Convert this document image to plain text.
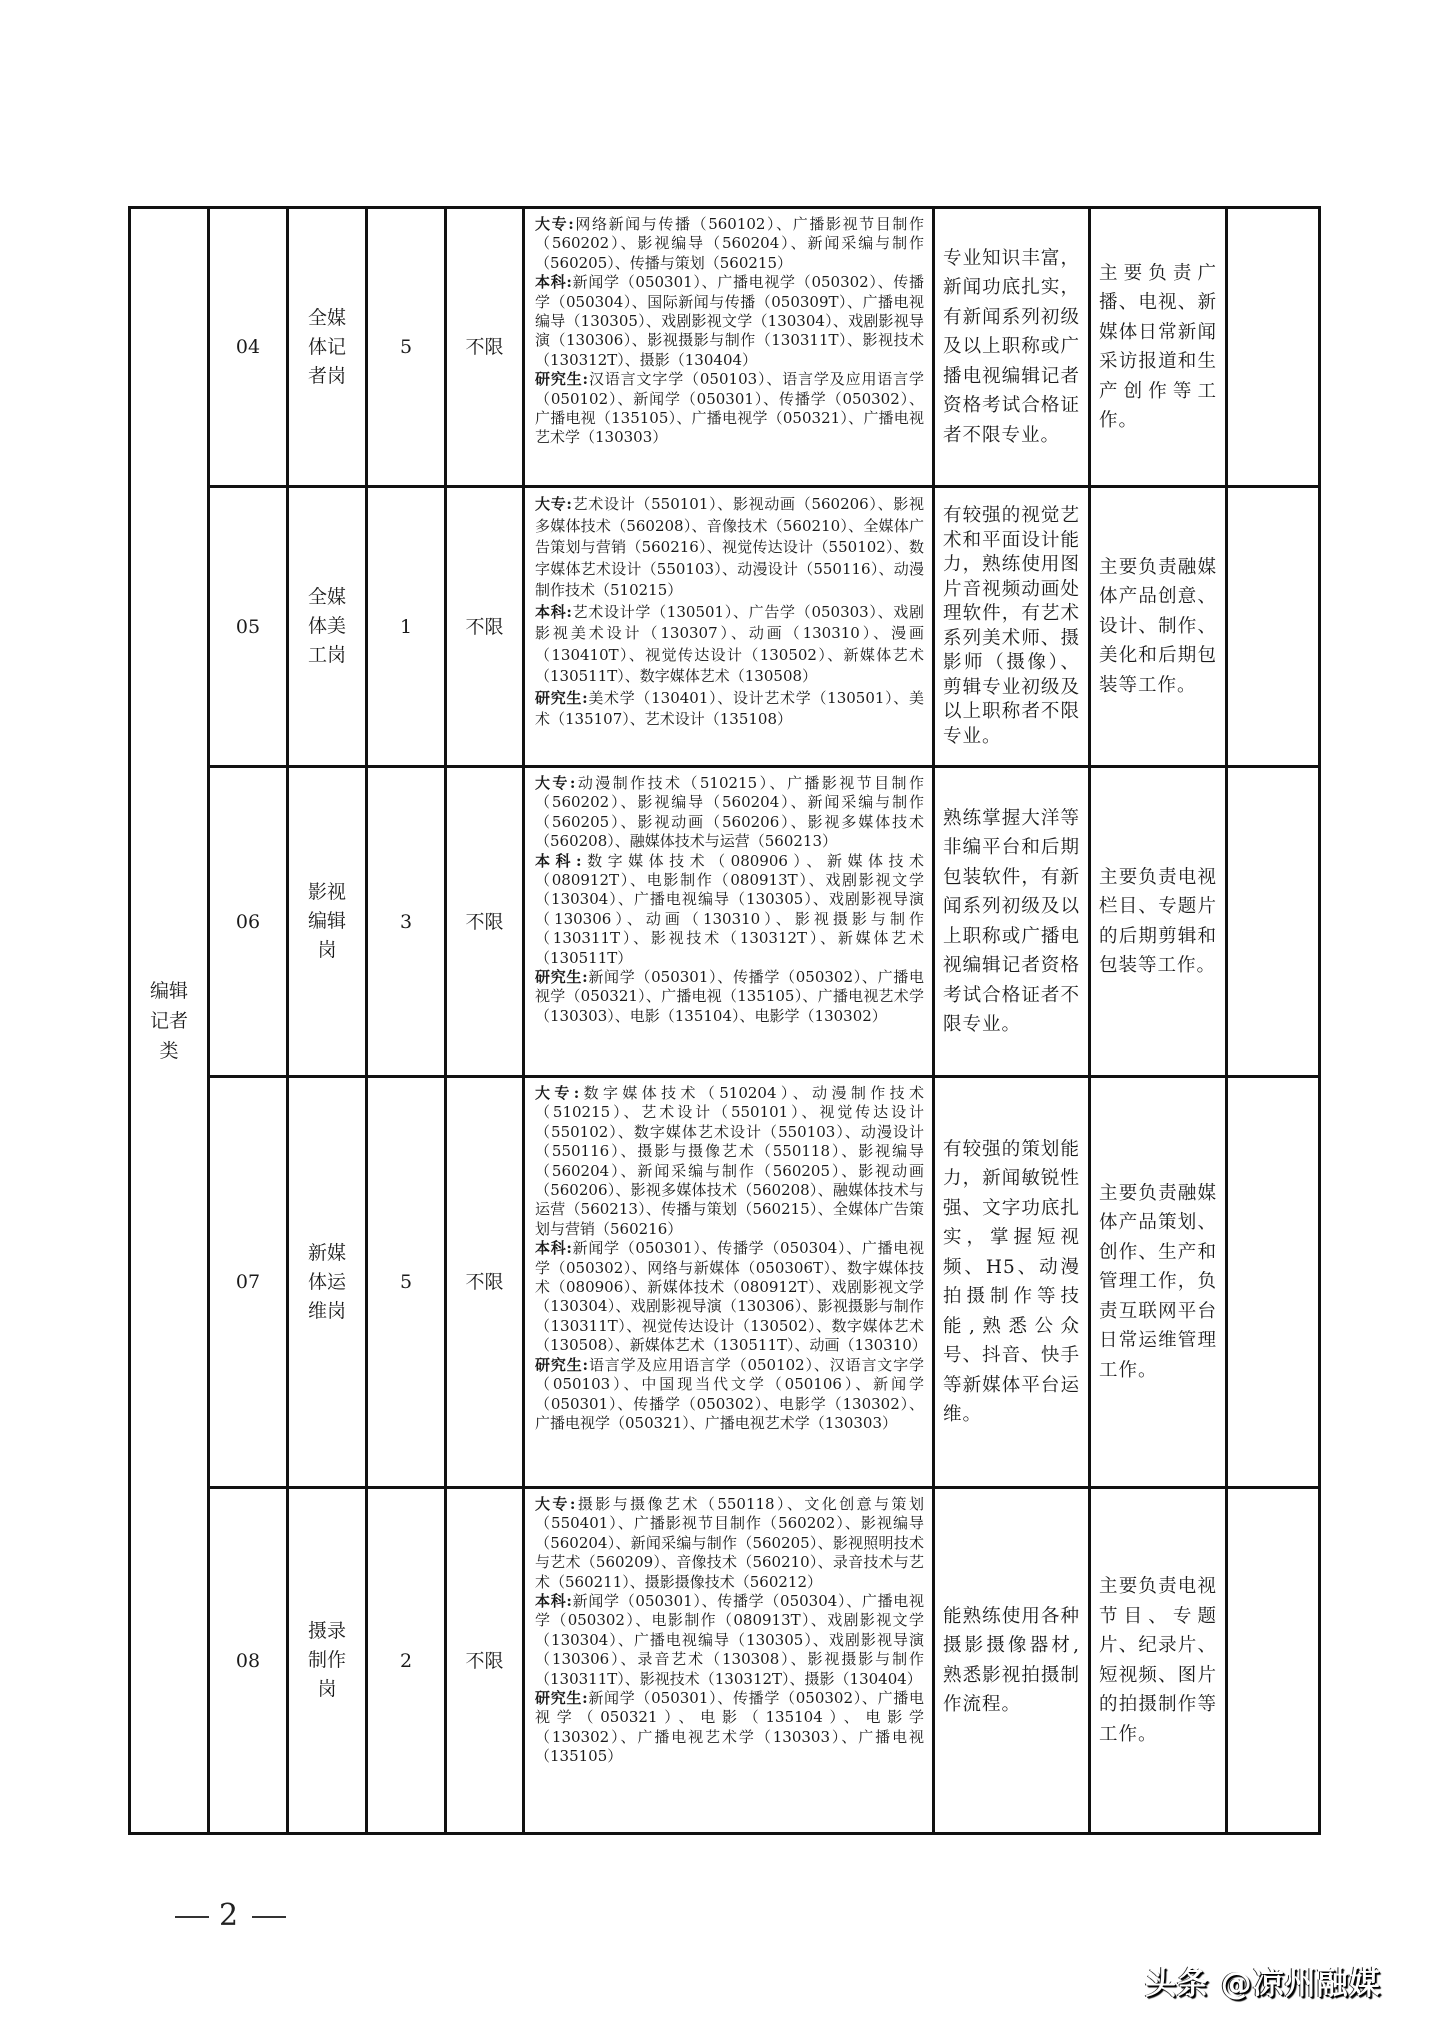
编辑记者类	04	全媒体记者岗	5	不限	大专:网络新闻与传播（560102）、广播影视节目制作（560202）、影视编导（560204）、新闻采编与制作（560205）、传播与策划（560215）
本科:新闻学（050301）、广播电视学（050302）、传播学（050304）、国际新闻与传播（050309T）、广播电视编导（130305）、戏剧影视文学（130304）、戏剧影视导演（130306）、影视摄影与制作（130311T）、影视技术（130312T）、摄影（130404）
研究生:汉语言文字学（050103）、语言学及应用语言学（050102）、新闻学（050301）、传播学（050302）、广播电视（135105）、广播电视学（050321）、广播电视艺术学（130303）	专业知识丰富，新闻功底扎实，有新闻系列初级及以上职称或广播电视编辑记者资格考试合格证者不限专业。	主要负责广播、电视、新媒体日常新闻采访报道和生产创作等工作。	
	05	全媒体美工岗	1	不限	大专:艺术设计（550101）、影视动画（560206）、影视多媒体技术（560208）、音像技术（560210）、全媒体广告策划与营销（560216）、视觉传达设计（550102）、数字媒体艺术设计（550103）、动漫设计（550116）、动漫制作技术（510215）
本科:艺术设计学（130501）、广告学（050303）、戏剧影视美术设计（130307）、动画（130310）、漫画（130410T）、视觉传达设计（130502）、新媒体艺术（130511T）、数字媒体艺术（130508）
研究生:美术学（130401）、设计艺术学（130501）、美术（135107）、艺术设计（135108）	有较强的视觉艺术和平面设计能力，熟练使用图片音视频动画处理软件，有艺术系列美术师、摄影师（摄像）、剪辑专业初级及以上职称者不限专业。	主要负责融媒体产品创意、设计、制作、美化和后期包装等工作。	
	06	影视编辑岗	3	不限	大专:动漫制作技术（510215）、广播影视节目制作（560202）、影视编导（560204）、新闻采编与制作（560205）、影视动画（560206）、影视多媒体技术（560208）、融媒体技术与运营（560213）
本科:数字媒体技术（080906）、新媒体技术（080912T）、电影制作（080913T）、戏剧影视文学（130304）、广播电视编导（130305）、戏剧影视导演（130306）、动画（130310）、影视摄影与制作（130311T）、影视技术（130312T）、新媒体艺术（130511T）
研究生:新闻学（050301）、传播学（050302）、广播电视学（050321）、广播电视（135105）、广播电视艺术学（130303）、电影（135104）、电影学（130302）	熟练掌握大洋等非编平台和后期包装软件，有新闻系列初级及以上职称或广播电视编辑记者资格考试合格证者不限专业。	主要负责电视栏目、专题片的后期剪辑和包装等工作。	
	07	新媒体运维岗	5	不限	大专:数字媒体技术（510204）、动漫制作技术（510215）、艺术设计（550101）、视觉传达设计（550102）、数字媒体艺术设计（550103）、动漫设计（550116）、摄影与摄像艺术（550118）、影视编导（560204）、新闻采编与制作（560205）、影视动画（560206）、影视多媒体技术（560208）、融媒体技术与运营（560213）、传播与策划（560215）、全媒体广告策划与营销（560216）
本科:新闻学（050301）、传播学（050304）、广播电视学（050302）、网络与新媒体（050306T）、数字媒体技术（080906）、新媒体技术（080912T）、戏剧影视文学（130304）、戏剧影视导演（130306）、影视摄影与制作（130311T）、视觉传达设计（130502）、数字媒体艺术（130508）、新媒体艺术（130511T）、动画（130310）
研究生:语言学及应用语言学（050102）、汉语言文字学（050103）、中国现当代文学（050106）、新闻学（050301）、传播学（050302）、电影学（130302）、广播电视学（050321）、广播电视艺术学（130303）	有较强的策划能力，新闻敏锐性强、文字功底扎实，掌握短视频、H5、动漫拍摄制作等技能,熟悉公众号、抖音、快手等新媒体平台运维。	主要负责融媒体产品策划、创作、生产和管理工作，负责互联网平台日常运维管理工作。	
	08	摄录制作岗	2	不限	大专:摄影与摄像艺术（550118）、文化创意与策划（550401）、广播影视节目制作（560202）、影视编导（560204）、新闻采编与制作（560205）、影视照明技术与艺术（560209）、音像技术（560210）、录音技术与艺术（560211）、摄影摄像技术（560212）
本科:新闻学（050301）、传播学（050304）、广播电视学（050302）、电影制作（080913T）、戏剧影视文学（130304）、广播电视编导（130305）、戏剧影视导演（130306）、录音艺术（130308）、影视摄影与制作（130311T）、影视技术（130312T）、摄影（130404）
研究生:新闻学（050301）、传播学（050302）、广播电视学（050321）、电影（135104）、电影学（130302）、广播电视艺术学（130303）、广播电视（135105）	能熟练使用各种摄影摄像器材,熟悉影视拍摄制作流程。	主要负责电视节目、专题片、纪录片、短视频、图片的拍摄制作等工作。	
2
头条 @凉州融媒
